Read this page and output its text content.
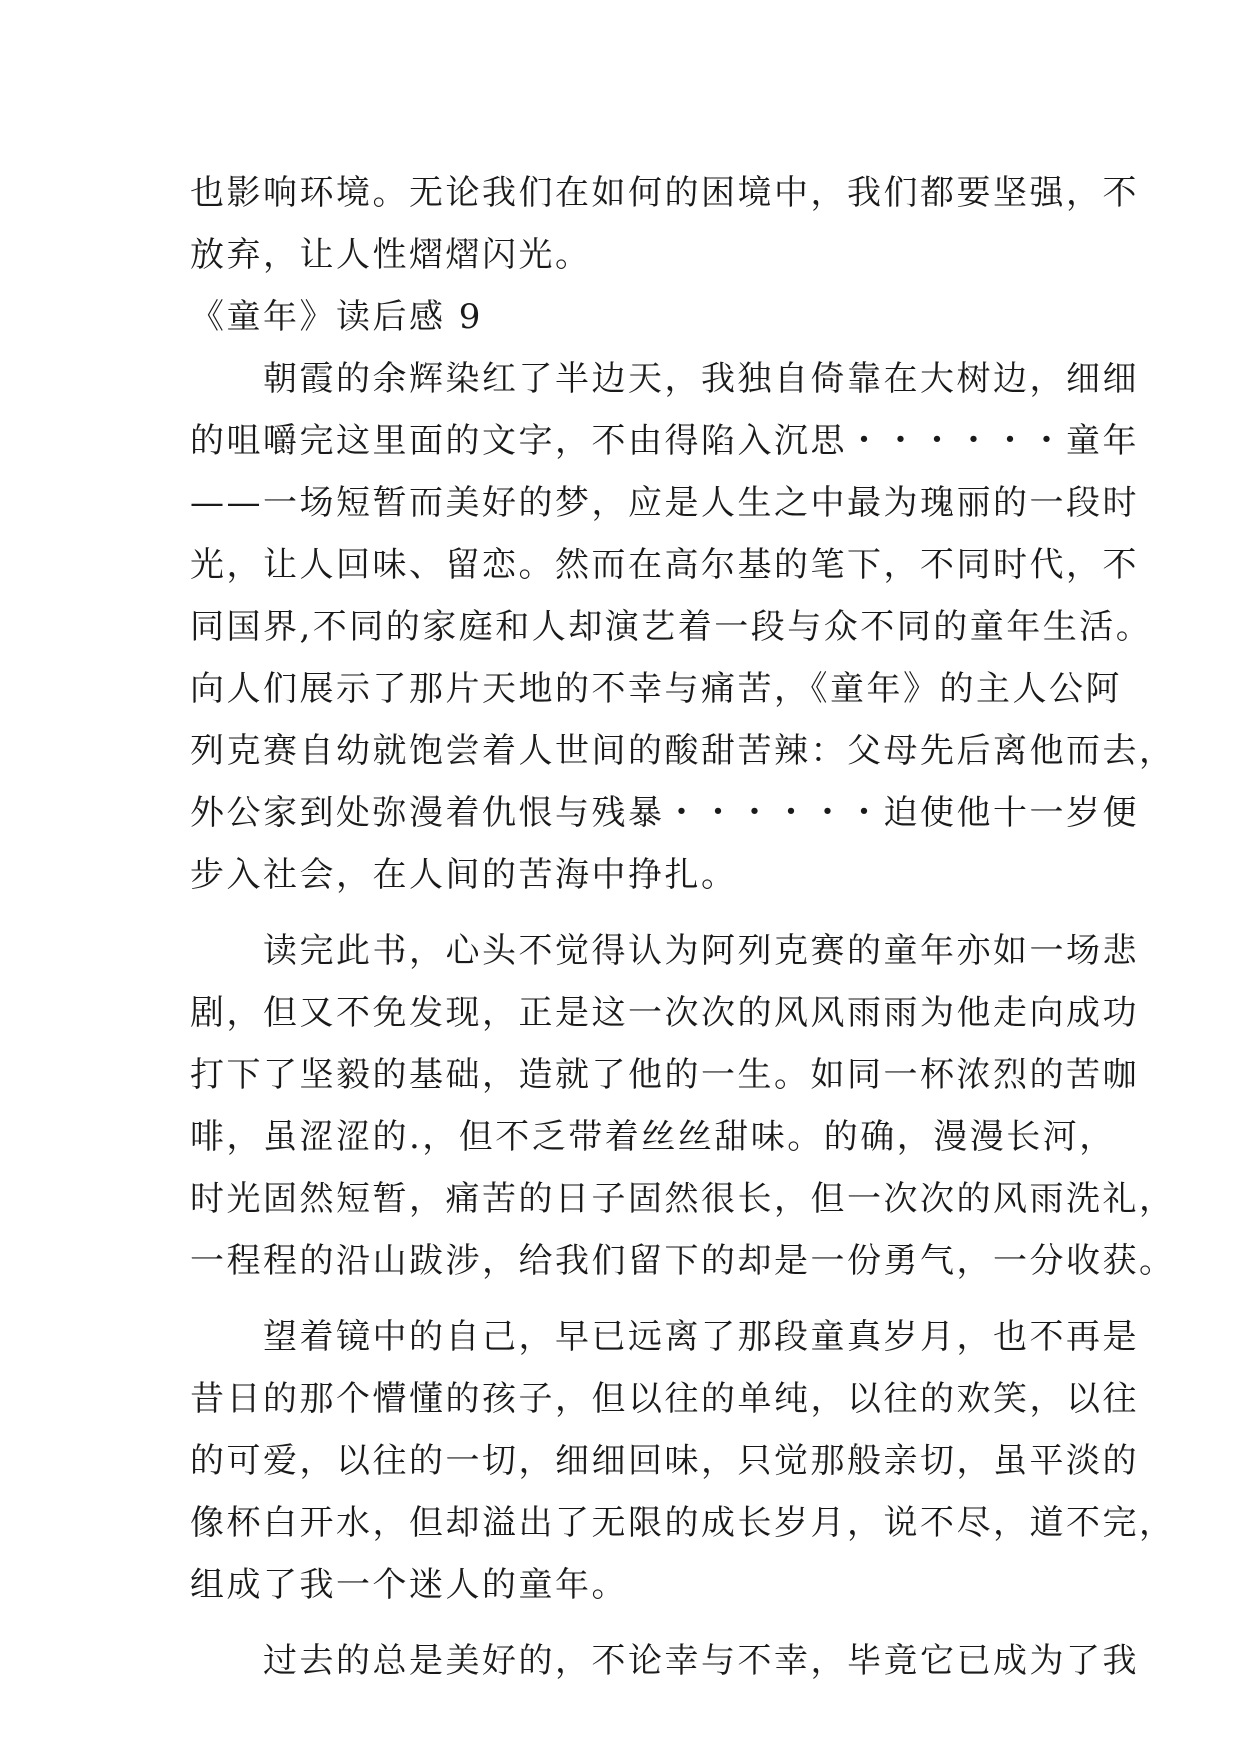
也影响环境。无论我们在如何的困境中，我们都要坚强，不
放弃，让人性熠熠闪光。
《童年》读后感 9
　　朝霞的余辉染红了半边天，我独自倚靠在大树边，细细
的咀嚼完这里面的文字，不由得陷入沉思・・・・・・童年
——一场短暂而美好的梦，应是人生之中最为瑰丽的一段时
光，让人回味、留恋。然而在高尔基的笔下，不同时代，不
同国界,不同的家庭和人却演艺着一段与众不同的童年生活。
向人们展示了那片天地的不幸与痛苦，《童年》的主人公阿
列克赛自幼就饱尝着人世间的酸甜苦辣：父母先后离他而去，
外公家到处弥漫着仇恨与残暴・・・・・・迫使他十一岁便
步入社会，在人间的苦海中挣扎。
　　读完此书，心头不觉得认为阿列克赛的童年亦如一场悲
剧，但又不免发现，正是这一次次的风风雨雨为他走向成功
打下了坚毅的基础，造就了他的一生。如同一杯浓烈的苦咖
啡，虽涩涩的.，但不乏带着丝丝甜味。的确，漫漫长河，
时光固然短暂，痛苦的日子固然很长，但一次次的风雨洗礼，
一程程的沿山跋涉，给我们留下的却是一份勇气，一分收获。
　　望着镜中的自己，早已远离了那段童真岁月，也不再是
昔日的那个懵懂的孩子，但以往的单纯，以往的欢笑，以往
的可爱，以往的一切，细细回味，只觉那般亲切，虽平淡的
像杯白开水，但却溢出了无限的成长岁月，说不尽，道不完，
组成了我一个迷人的童年。
　　过去的总是美好的，不论幸与不幸，毕竟它已成为了我
